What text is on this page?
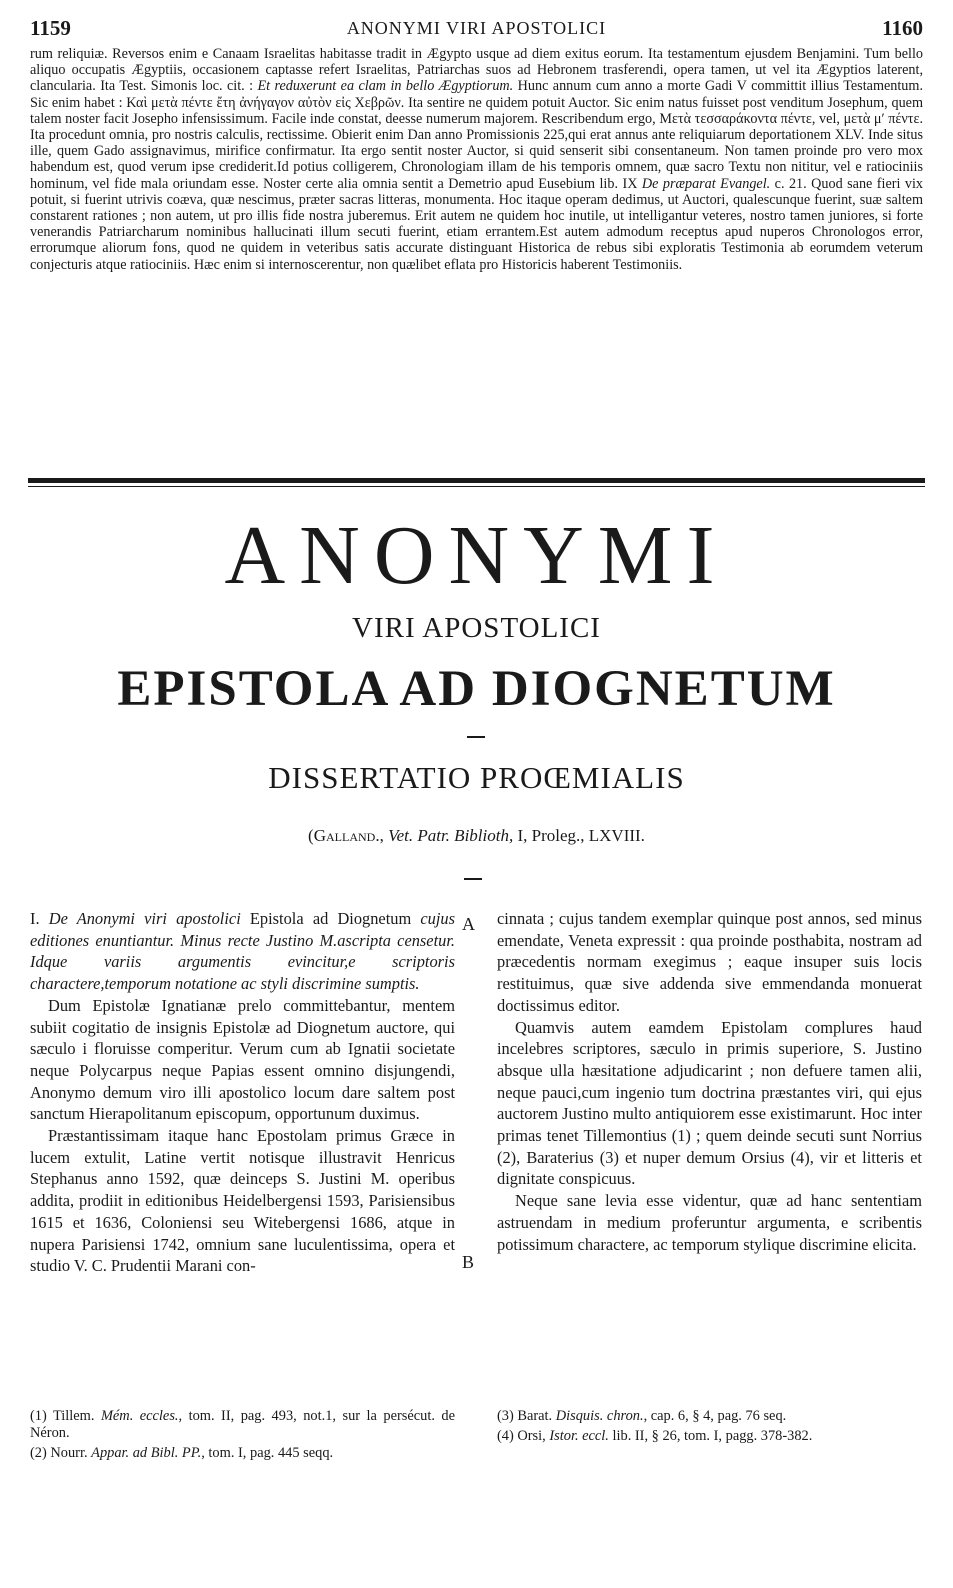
1159	ANONYMI VIRI APOSTOLICI	1160

rum reliquiæ. Reversos enim e Canaam Israelitas habitasse tradit in Ægypto usque ad diem exitus eorum. Ita testamentum ejusdem Benjamini. Tum bello aliquo occupatis Ægyptiis, occasionem captasse refert Israelitas, Patriarchas suos ad Hebronem trasferendi, opera tamen, ut vel ita Ægyptios laterent, clancularia. Ita Test. Simonis loc. cit. : Et reduxerunt ea clam in bello Ægyptiorum. Hunc annum cum anno a morte Gadi V committit illius Testamentum. Sic enim habet : Καὶ μετὰ πέντε ἔτη ἀνήγαγον αὐτὸν εἰς Χεβρῶν. Ita sentire ne quidem potuit Auctor. Sic enim natus fuisset post venditum Josephum, quem talem noster facit Josepho infensissimum. Facile inde constat, deesse numerum majorem. Rescribendum ergo, Μετὰ τεσσαράκοντα πέντε, vel, μετὰ μ′ πέντε. Ita procedunt omnia, pro nostris calculis, rectissime. Obierit enim Dan anno Promissionis 225,qui erat annus ante reliquiarum deportationem XLV. Inde situs ille, quem Gado assignavimus, mirifice confirmatur. Ita ergo sentit noster Auctor, si quid senserit sibi consentaneum. Non tamen proinde pro vero mox habendum est, quod verum ipse crediderit.Id potius colligerem, Chronologiam illam de his temporis omnem, quæ sacro Textu non nititur, vel e ratiociniis hominum, vel fide mala oriundam esse. Noster certe alia omnia sentit a Demetrio apud Eusebium lib. IX De præparat Evangel. c. 21. Quod sane fieri vix potuit, si fuerint utrivis coæva, quæ nescimus, præter sacras litteras, monumenta. Hoc itaque operam dedimus, ut Auctori, qualescunque fuerint, suæ saltem constarent rationes ; non autem, ut pro illis fide nostra juberemus. Erit autem ne quidem hoc inutile, ut intelligantur veteres, nostro tamen juniores, si forte venerandis Patriarcharum nominibus hallucinati illum secuti fuerint, etiam errantem.Est autem admodum receptus apud nuperos Chronologos error, errorumque aliorum fons, quod ne quidem in veteribus satis accurate distinguant Historica de rebus sibi exploratis Testimonia ab eorumdem veterum conjecturis atque ratiociniis. Hæc enim si internoscerentur, non quælibet eflata pro Historicis haberent Testimoniis.

ANONYMI
VIRI APOSTOLICI
EPISTOLA AD DIOGNETUM
DISSERTATIO PROŒMIALIS
(Galland., Vet. Patr. Biblioth, I, Proleg., LXVIII.

I. De Anonymi viri apostolici Epistola ad Diognetum cujus editiones enuntiantur. Minus recte Justino M.ascripta censetur. Idque variis argumentis evincitur,e scriptoris charactere,temporum notatione ac styli discrimine sumptis.

Dum Epistolæ Ignatianæ prelo committebantur, mentem subiit cogitatio de insignis Epistolæ ad Diognetum auctore, qui sæculo i floruisse comperitur. Verum cum ab Ignatii societate neque Polycarpus neque Papias essent omnino disjungendi, Anonymo demum viro illi apostolico locum dare saltem post sanctum Hierapolitanum episcopum, opportunum duximus.

Præstantissimam itaque hanc Epostolam primus Græce in lucem extulit, Latine vertit notisque illustravit Henricus Stephanus anno 1592, quæ deinceps S. Justini M. operibus addita, prodiit in editionibus Heidelbergensi 1593, Parisiensibus 1615 et 1636, Coloniensi seu Witebergensi 1686, atque in nupera Parisiensi 1742, omnium sane luculentissima, opera et studio V. C. Prudentii Marani con-

A
B

cinnata ; cujus tandem exemplar quinque post annos, sed minus emendate, Veneta expressit : qua proinde posthabita, nostram ad præcedentis normam exegimus ; eaque insuper suis locis restituimus, quæ sive addenda sive emmendanda monuerat doctissimus editor.

Quamvis autem eamdem Epistolam complures haud incelebres scriptores, sæculo in primis superiore, S. Justino absque ulla hæsitatione adjudicarint ; non defuere tamen alii, neque pauci,cum ingenio tum doctrina præstantes viri, qui ejus auctorem Justino multo antiquiorem esse existimarunt. Hoc inter primas tenet Tillemontius (1) ; quem deinde secuti sunt Norrius (2), Baraterius (3) et nuper demum Orsius (4), vir et litteris et dignitate conspicuus.

Neque sane levia esse videntur, quæ ad hanc sententiam astruendam in medium proferuntur argumenta, e scribentis potissimum charactere, ac temporum stylique discrimine elicita.

(1) Tillem. Mém. eccles., tom. II, pag. 493, not.1, sur la persécut. de Néron.

(2) Nourr. Appar. ad Bibl. PP., tom. I, pag. 445 seqq.

(3) Barat. Disquis. chron., cap. 6, § 4, pag. 76 seq.

(4) Orsi, Istor. eccl. lib. II, § 26, tom. I, pagg. 378-382.
